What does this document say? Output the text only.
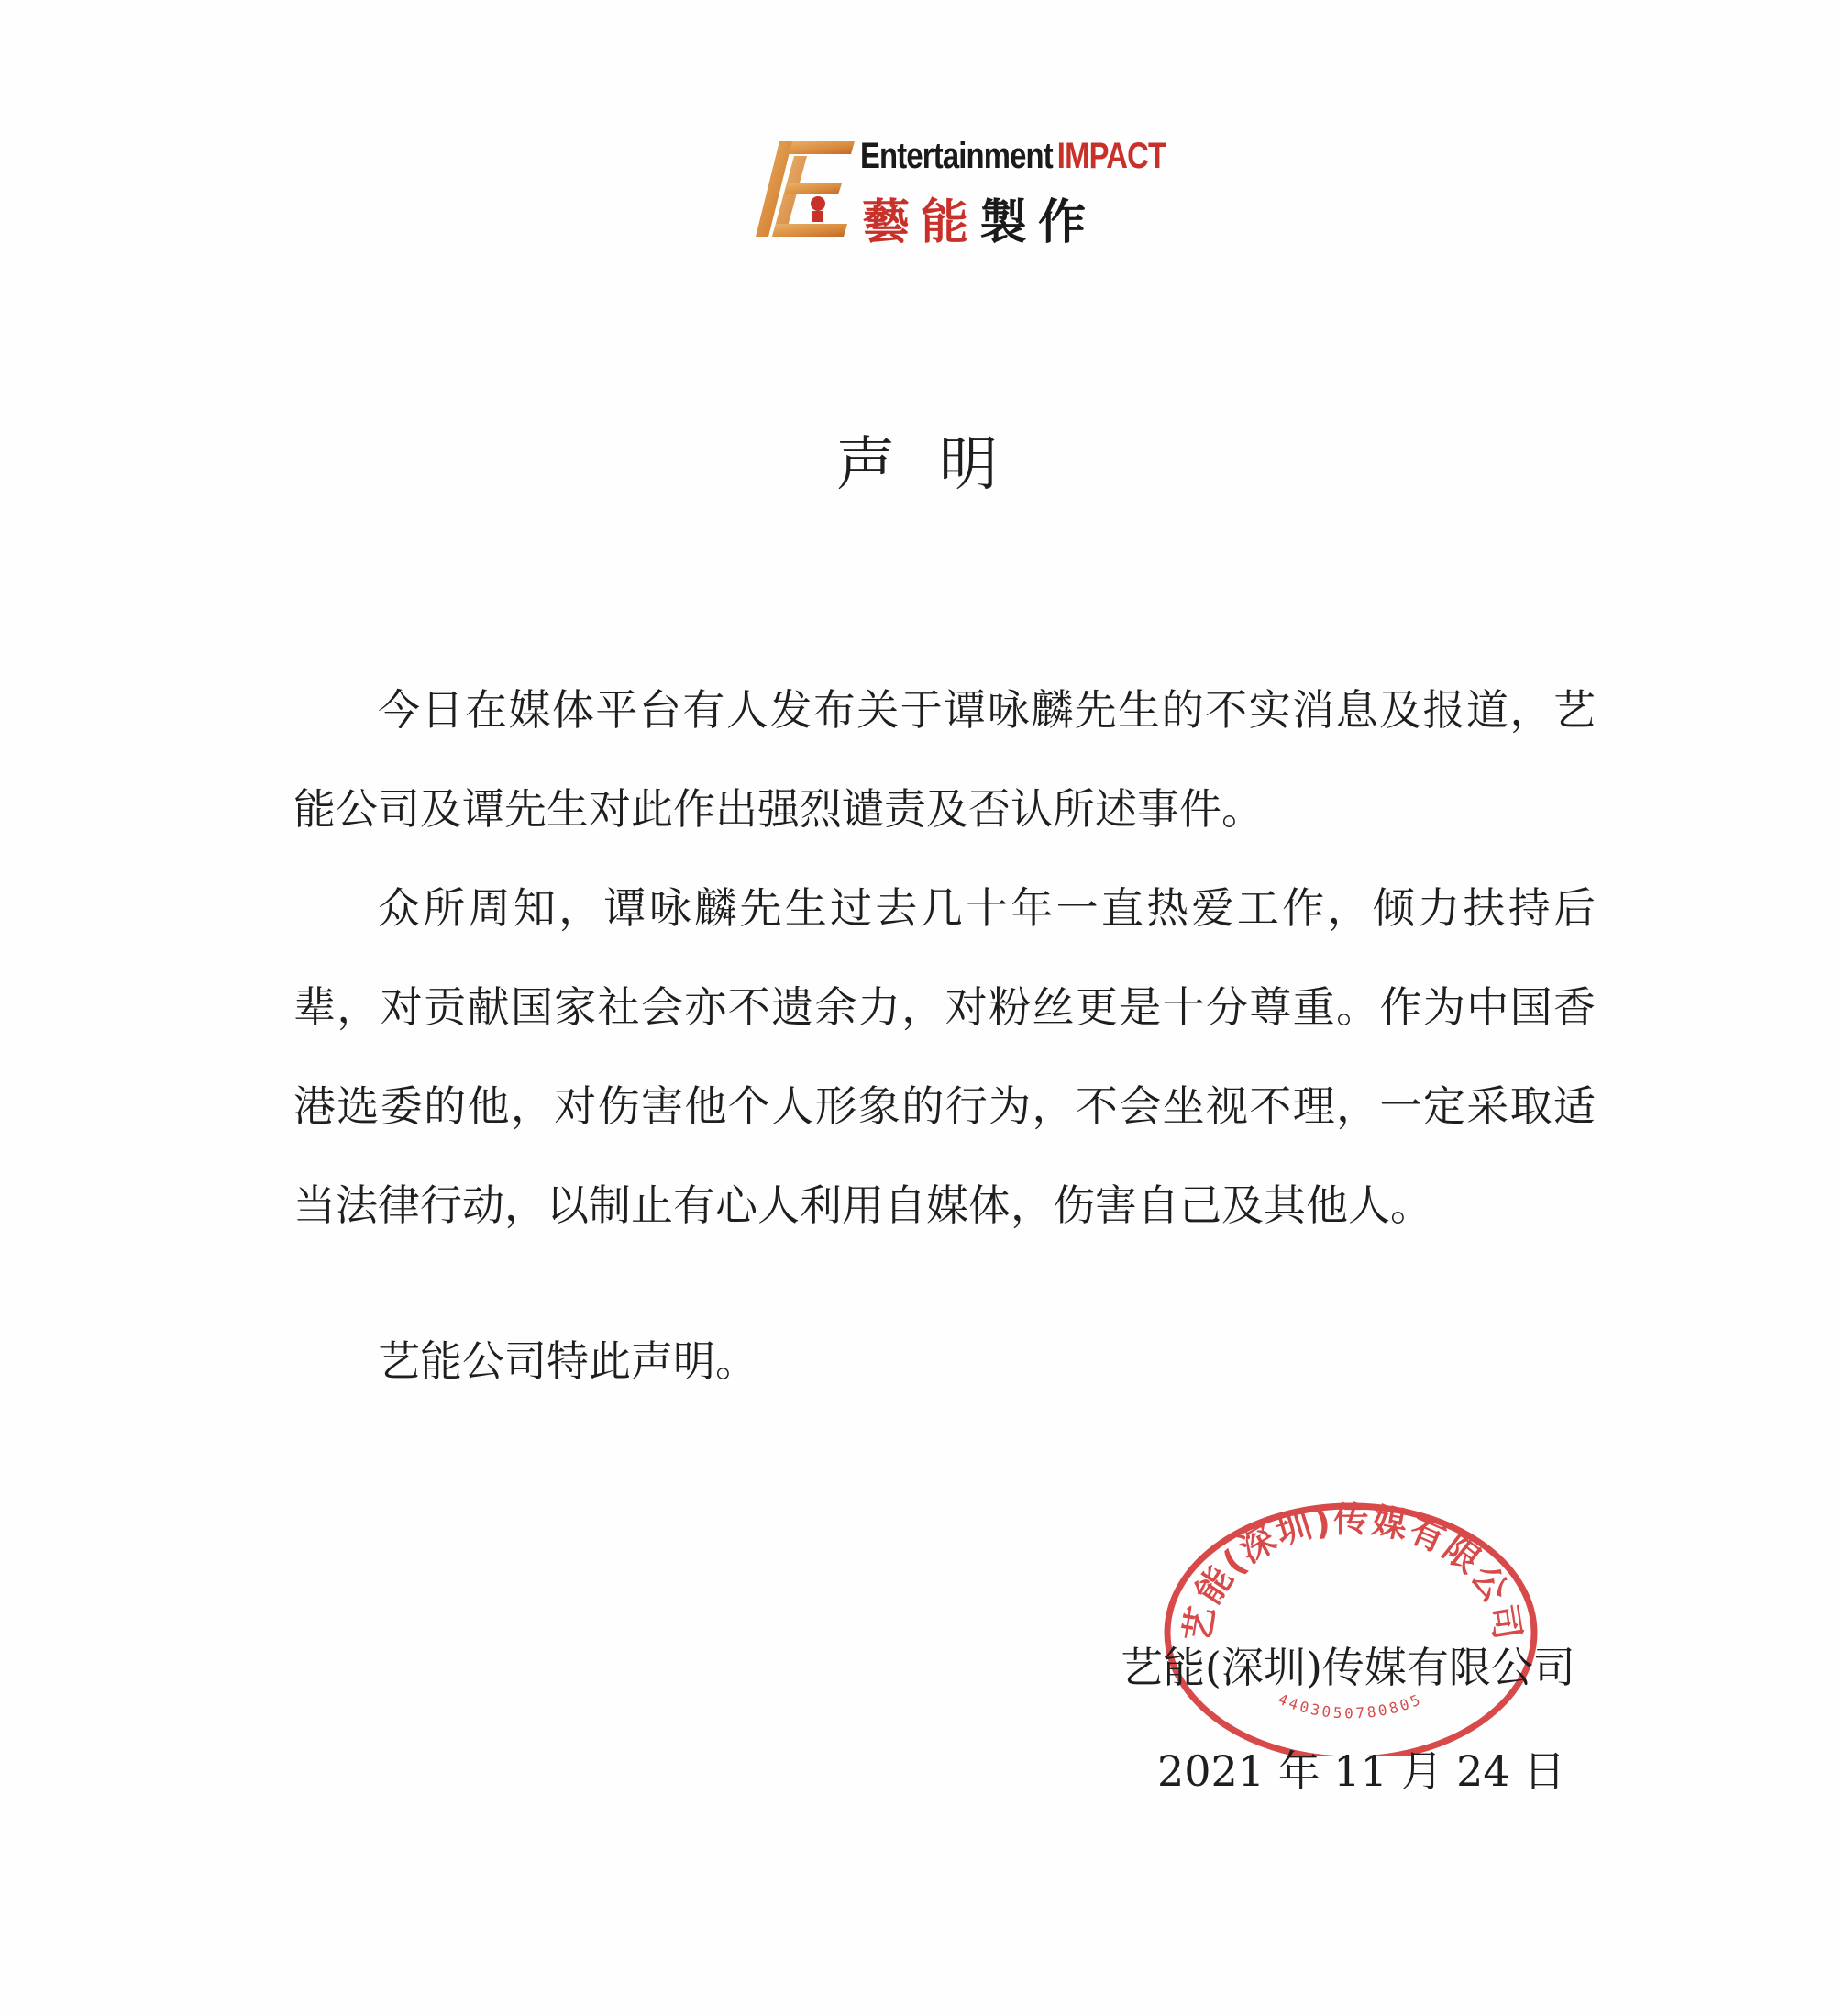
Entertainment IMPACT
藝能製作
声明

今日在媒体平台有人发布关于谭咏麟先生的不实消息及报道，艺能公司及谭先生对此作出强烈谴责及否认所述事件。

众所周知，谭咏麟先生过去几十年一直热爱工作，倾力扶持后辈，对贡献国家社会亦不遗余力，对粉丝更是十分尊重。作为中国香港选委的他，对伤害他个人形象的行为，不会坐视不理，一定采取适当法律行动，以制止有心人利用自媒体，伤害自己及其他人。

艺能公司特此声明。
艺能(深圳)传媒有限公司
4403050780805
艺能(深圳)传媒有限公司
2021 年 11 月 24 日
